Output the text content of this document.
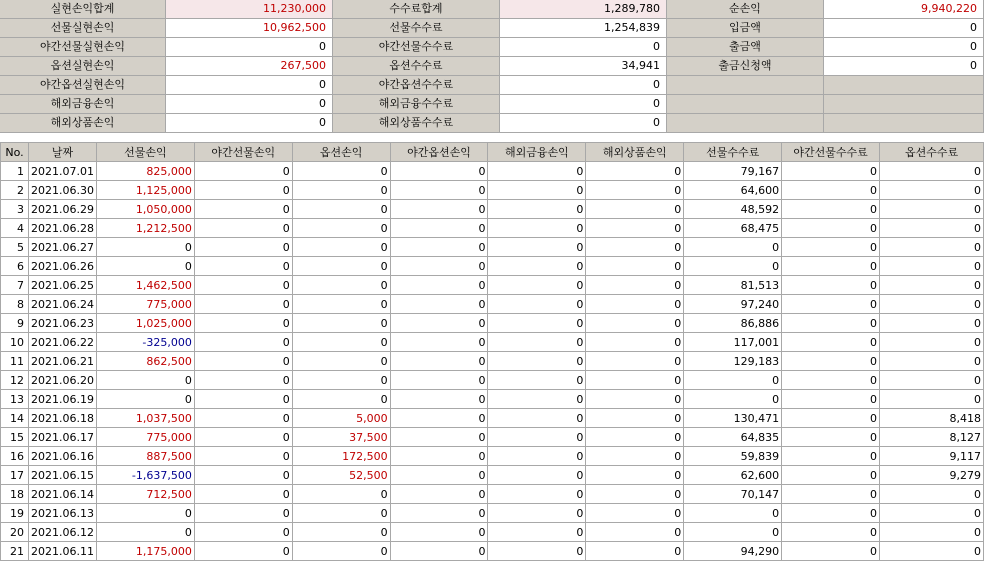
실현손익합계	11,230,000	수수료합계	1,289,780	순손익	9,940,220
선물실현손익	10,962,500	선물수수료	1,254,839	입금액	0
야간선물실현손익	0	야간선물수수료	0	출금액	0
옵션실현손익	267,500	옵션수수료	34,941	출금신청액	0
야간옵션실현손익	0	야간옵션수수료	0
해외금융손익	0	해외금융수수료	0
해외상품손익	0	해외상품수수료	0
No.	날짜	선물손익	야간선물손익	옵션손익	야간옵션손익	해외금융손익	해외상품손익	선물수수료	야간선물수수료	옵션수수료
1	2021.07.01	825,000	0	0	0	0	0	79,167	0	0
2	2021.06.30	1,125,000	0	0	0	0	0	64,600	0	0
3	2021.06.29	1,050,000	0	0	0	0	0	48,592	0	0
4	2021.06.28	1,212,500	0	0	0	0	0	68,475	0	0
5	2021.06.27	0	0	0	0	0	0	0	0	0
6	2021.06.26	0	0	0	0	0	0	0	0	0
7	2021.06.25	1,462,500	0	0	0	0	0	81,513	0	0
8	2021.06.24	775,000	0	0	0	0	0	97,240	0	0
9	2021.06.23	1,025,000	0	0	0	0	0	86,886	0	0
10	2021.06.22	-325,000	0	0	0	0	0	117,001	0	0
11	2021.06.21	862,500	0	0	0	0	0	129,183	0	0
12	2021.06.20	0	0	0	0	0	0	0	0	0
13	2021.06.19	0	0	0	0	0	0	0	0	0
14	2021.06.18	1,037,500	0	5,000	0	0	0	130,471	0	8,418
15	2021.06.17	775,000	0	37,500	0	0	0	64,835	0	8,127
16	2021.06.16	887,500	0	172,500	0	0	0	59,839	0	9,117
17	2021.06.15	-1,637,500	0	52,500	0	0	0	62,600	0	9,279
18	2021.06.14	712,500	0	0	0	0	0	70,147	0	0
19	2021.06.13	0	0	0	0	0	0	0	0	0
20	2021.06.12	0	0	0	0	0	0	0	0	0
21	2021.06.11	1,175,000	0	0	0	0	0	94,290	0	0
